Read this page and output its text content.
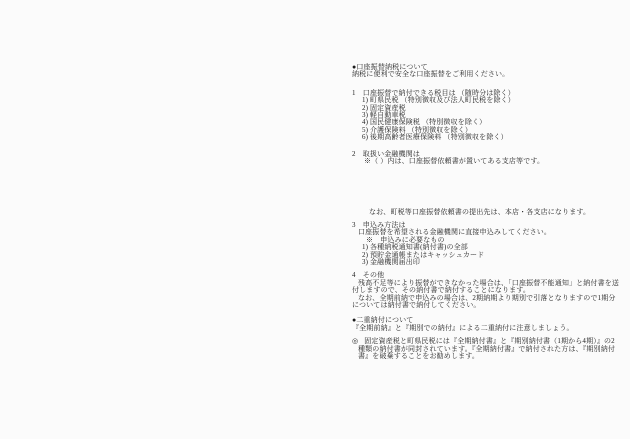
●口座振替納税について
納税に便利で安全な口座振替をご利用ください。
1　口座振替で納付できる税目は （随時分は除く）
1) 町県民税 （特別徴収及び法人町民税を除く）
2) 固定資産税
3) 軽自動車税
4) 国民健康保険税 （特別徴収を除く）
5) 介護保険料 （特別徴収を除く）
6) 後期高齢者医療保険料 （特別徴収を除く）
2　取扱い金融機関は
※（ ）内は、口座振替依頼書が置いてある支店等です。
なお、町税等口座振替依頼書の提出先は、本店・各支店になります。
3　申込み方法は
口座振替を希望される金融機関に直接申込みしてください。
※　申込みに必要なもの
1) 各種納税通知書(納付書)の全部
2) 預貯金通帳またはキャッシュカード
3) 金融機関届出印
4　その他
残高不足等により振替ができなかった場合は、「口座振替不能通知」と納付書を送
付しますので、その納付書で納付することになります。
なお、全期前納で申込みの場合は、2期納期より期別で引落となりますので1期分
については納付書で納付してください。
●二重納付について
『全期前納』と『期別での納付』による二重納付に注意しましょう。
◎ 固定資産税と町県民税には『全期納付書』と『期別納付書（1期から4期）』の2
種類の納付書が同封されています。『全期納付書』で納付された方は、『期別納付
書』を破棄することをお勧めします。
